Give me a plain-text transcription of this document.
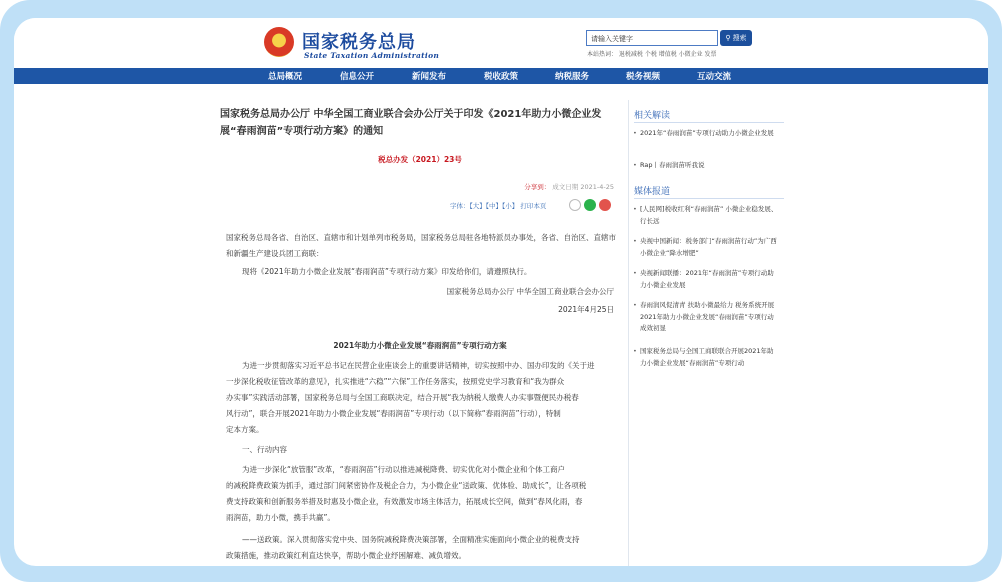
国家税务总局
State Taxation Administration
请输入关键字	⚲ 搜索
本站热词： 退税减税 个税 增值税 小微企业 发票
总局概况	信息公开	新闻发布	税收政策	纳税服务	税务视频	互动交流
国家税务总局办公厅 中华全国工商业联合会办公厅关于印发《2021年助力小微企业发展“春雨润苗”专项行动方案》的通知
税总办发（2021）23号
分享到： 成文日期 2021-4-25
字体：【大】【中】【小】 打印本页
国家税务总局各省、自治区、直辖市和计划单列市税务局，国家税务总局驻各地特派员办事处，各省、自治区、直辖市和新疆生产建设兵团工商联：
现将《2021年助力小微企业发展“春雨润苗”专项行动方案》印发给你们，请遵照执行。
国家税务总局办公厅 中华全国工商业联合会办公厅
2021年4月25日
2021年助力小微企业发展“春雨润苗”专项行动方案
为进一步贯彻落实习近平总书记在民营企业座谈会上的重要讲话精神，切实按照中办、国办印发的《关于进
一步深化税收征管改革的意见》，扎实推进“六稳”“六保”工作任务落实，按照党史学习教育和“我为群众
办实事”实践活动部署，国家税务总局与全国工商联决定，结合开展“我为纳税人缴费人办实事暨便民办税春
风行动”，联合开展2021年助力小微企业发展“春雨润苗”专项行动（以下简称“春雨润苗”行动），特制
定本方案。
一、行动内容
为进一步深化“放管服”改革，“春雨润苗”行动以推进减税降费、切实优化对小微企业和个体工商户
的减税降费政策为抓手，通过部门间紧密协作及税企合力，为小微企业“送政策、优体验、助成长”，让各项税
费支持政策和创新服务举措及时惠及小微企业，有效激发市场主体活力，拓展成长空间，做到“春风化雨，春
雨润苗，助力小微，携手共赢”。
——送政策。深入贯彻落实党中央、国务院减税降费决策部署，全面精准实施面向小微企业的税费支持
政策措施，推动政策红利直达快享，帮助小微企业纾困解难、减负增效。
相关解读
• 2021年“春雨润苗”专项行动助力小微企业发展
• Rap丨春雨润苗听我说
媒体报道
• [人民网]税收红利“春雨润苗” 小微企业稳发展、行长远
• 央视中国新闻：税务部门“春雨润苗行动”为广西小微企业“降水增肥”
• 央视新闻联播：2021年“春雨润苗”专项行动助力小微企业发展
• 春雨润风促清青 扶助小微最给力 税务系统开展2021年助力小微企业发展“春雨润苗”专项行动成效初显
• 国家税务总局与全国工商联联合开展2021年助力小微企业发展“春雨润苗”专项行动
